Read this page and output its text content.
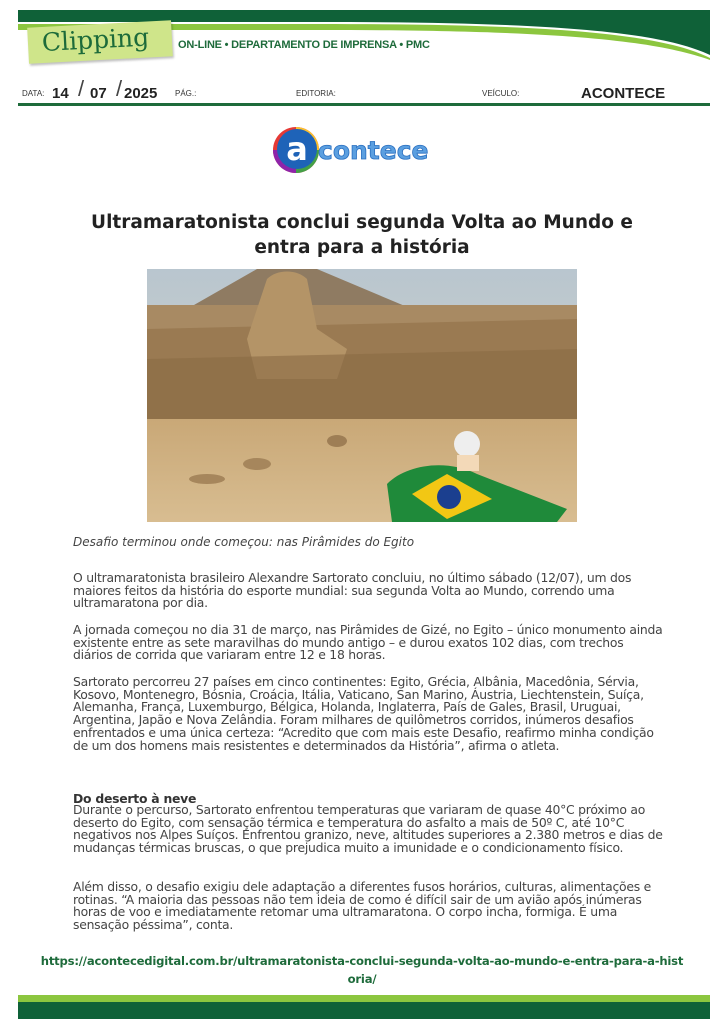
Clipping	ON-LINE • DEPARTAMENTO DE IMPRENSA • PMC
DATA: 14 / 07 / 2025 PÁG.:	EDITORIA:	VEÍCULO:	ACONTECE
a contece
Ultramaratonista conclui segunda Volta ao Mundo e entra para a história
Desafio terminou onde começou: nas Pirâmides do Egito
O ultramaratonista brasileiro Alexandre Sartorato concluiu, no último sábado (12/07), um dos maiores feitos da história do esporte mundial: sua segunda Volta ao Mundo, correndo uma ultramaratona por dia.
A jornada começou no dia 31 de março, nas Pirâmides de Gizé, no Egito – único monumento ainda existente entre as sete maravilhas do mundo antigo – e durou exatos 102 dias, com trechos diários de corrida que variaram entre 12 e 18 horas.
Sartorato percorreu 27 países em cinco continentes: Egito, Grécia, Albânia, Macedônia, Sérvia, Kosovo, Montenegro, Bósnia, Croácia, Itália, Vaticano, San Marino, Áustria, Liechtenstein, Suíça, Alemanha, França, Luxemburgo, Bélgica, Holanda, Inglaterra, País de Gales, Brasil, Uruguai, Argentina, Japão e Nova Zelândia. Foram milhares de quilômetros corridos, inúmeros desafios enfrentados e uma única certeza: “Acredito que com mais este Desafio, reafirmo minha condição de um dos homens mais resistentes e determinados da História”, afirma o atleta.
Do deserto à neve
Durante o percurso, Sartorato enfrentou temperaturas que variaram de quase 40°C próximo ao deserto do Egito, com sensação térmica e temperatura do asfalto a mais de 50º C, até 10°C negativos nos Alpes Suíços. Enfrentou granizo, neve, altitudes superiores a 2.380 metros e dias de mudanças térmicas bruscas, o que prejudica muito a imunidade e o condicionamento físico.
Além disso, o desafio exigiu dele adaptação a diferentes fusos horários, culturas, alimentações e rotinas. “A maioria das pessoas não tem ideia de como é difícil sair de um avião após inúmeras horas de voo e imediatamente retomar uma ultramaratona. O corpo incha, formiga. É uma sensação péssima”, conta.
https://acontecedigital.com.br/ultramaratonista-conclui-segunda-volta-ao-mundo-e-entra-para-a-historia/
